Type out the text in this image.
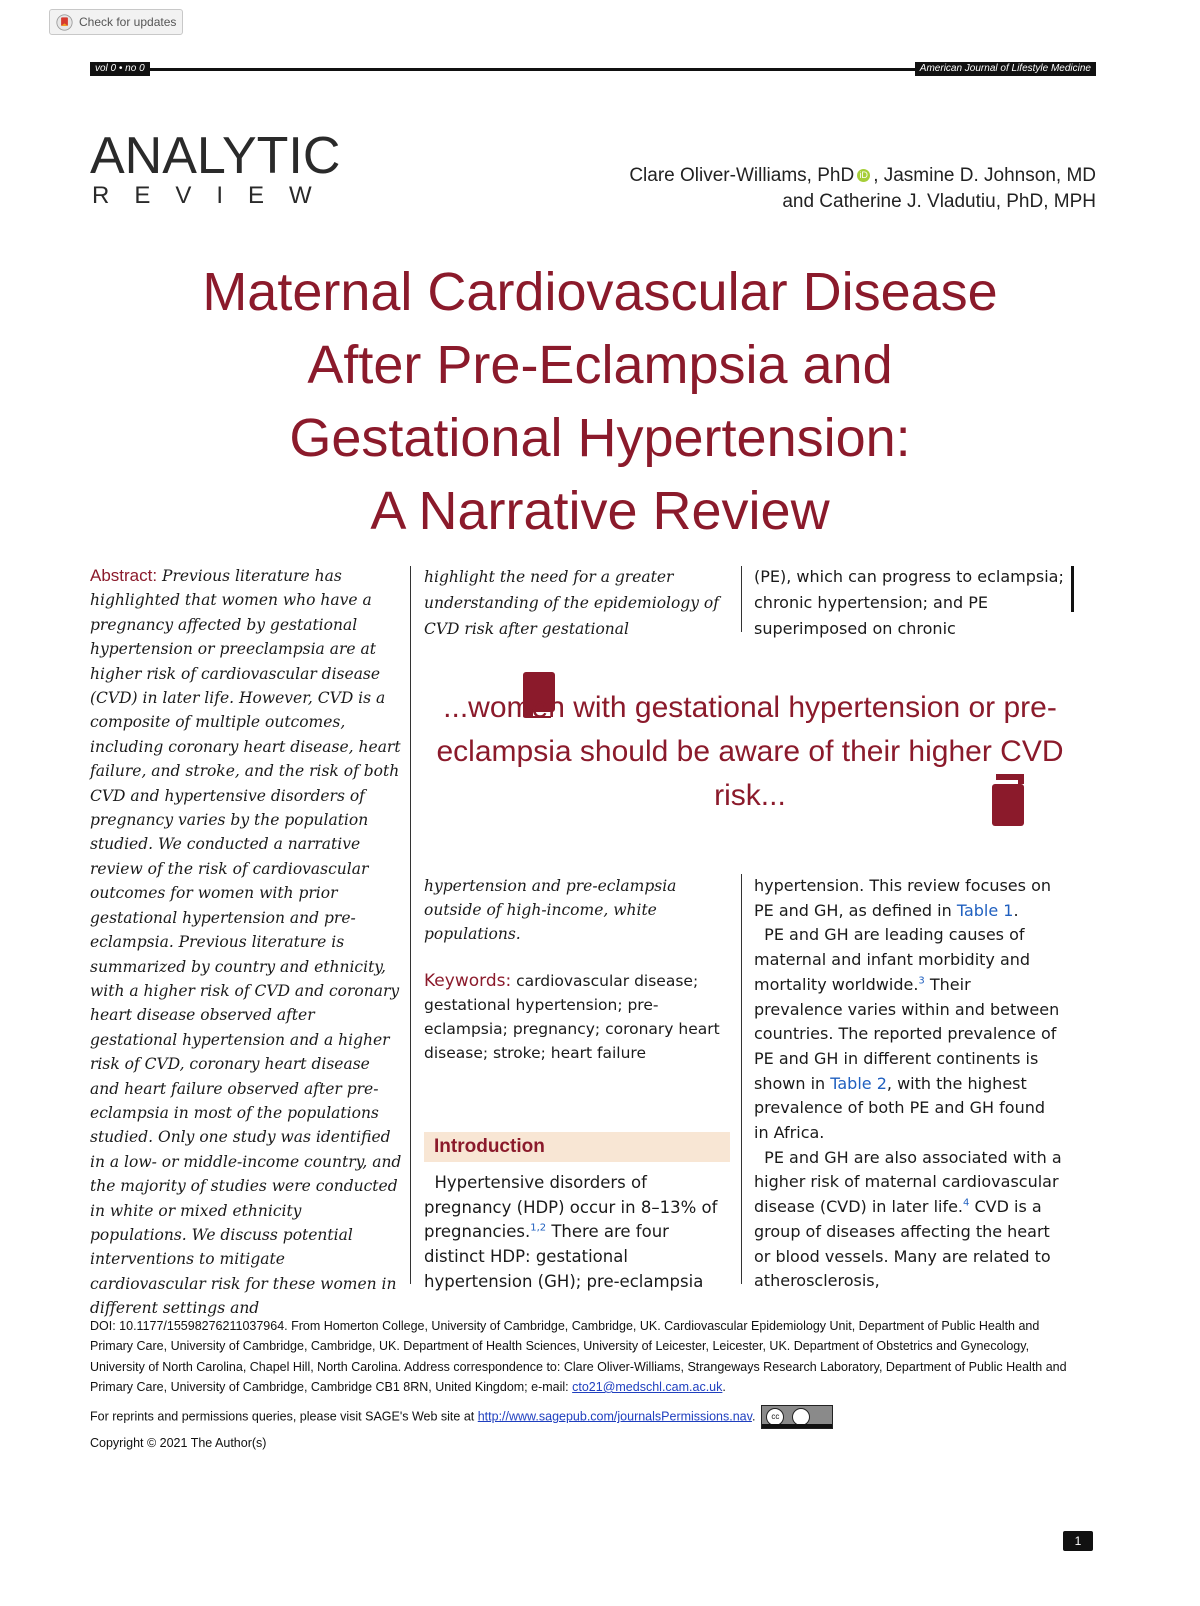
Check for updates
vol 0 • no 0	American Journal of Lifestyle Medicine
ANALYTIC
REVIEW
Clare Oliver-Williams, PhD iD , Jasmine D. Johnson, MD
and Catherine J. Vladutiu, PhD, MPH
Maternal Cardiovascular Disease
After Pre-Eclampsia and
Gestational Hypertension:
A Narrative Review
Abstract: Previous literature has highlighted that women who have a pregnancy affected by gestational hypertension or preeclampsia are at higher risk of cardiovascular disease (CVD) in later life. However, CVD is a composite of multiple outcomes, including coronary heart disease, heart failure, and stroke, and the risk of both CVD and hypertensive disorders of pregnancy varies by the population studied. We conducted a narrative review of the risk of cardiovascular outcomes for women with prior gestational hypertension and pre-eclampsia. Previous literature is summarized by country and ethnicity, with a higher risk of CVD and coronary heart disease observed after gestational hypertension and a higher risk of CVD, coronary heart disease and heart failure observed after pre-eclampsia in most of the populations studied. Only one study was identified in a low- or middle-income country, and the majority of studies were conducted in white or mixed ethnicity populations. We discuss potential interventions to mitigate cardiovascular risk for these women in different settings and
highlight the need for a greater understanding of the epidemiology of CVD risk after gestational
(PE), which can progress to eclampsia; chronic hypertension; and PE superimposed on chronic
...women with gestational hypertension or pre-eclampsia should be aware of their higher CVD risk...
hypertension and pre-eclampsia outside of high-income, white populations.
Keywords: cardiovascular disease; gestational hypertension; pre-eclampsia; pregnancy; coronary heart disease; stroke; heart failure
Introduction
Hypertensive disorders of pregnancy (HDP) occur in 8–13% of pregnancies.$^{1,2}$ There are four distinct HDP: gestational hypertension (GH); pre-eclampsia
hypertension. This review focuses on PE and GH, as defined in Table 1.
PE and GH are leading causes of maternal and infant morbidity and mortality worldwide.$^3$ Their prevalence varies within and between countries. The reported prevalence of PE and GH in different continents is shown in Table 2, with the highest prevalence of both PE and GH found in Africa.
PE and GH are also associated with a higher risk of maternal cardiovascular disease (CVD) in later life.$^4$ CVD is a group of diseases affecting the heart or blood vessels. Many are related to atherosclerosis,
DOI: 10.1177/15598276211037964. From Homerton College, University of Cambridge, Cambridge, UK. Cardiovascular Epidemiology Unit, Department of Public Health and Primary Care, University of Cambridge, Cambridge, UK. Department of Health Sciences, University of Leicester, Leicester, UK. Department of Obstetrics and Gynecology, University of North Carolina, Chapel Hill, North Carolina. Address correspondence to: Clare Oliver-Williams, Strangeways Research Laboratory, Department of Public Health and Primary Care, University of Cambridge, Cambridge CB1 8RN, United Kingdom; e-mail: cto21@medschl.cam.ac.uk.
For reprints and permissions queries, please visit SAGE's Web site at http://www.sagepub.com/journalsPermissions.nav.	cc
Copyright © 2021 The Author(s)
1
